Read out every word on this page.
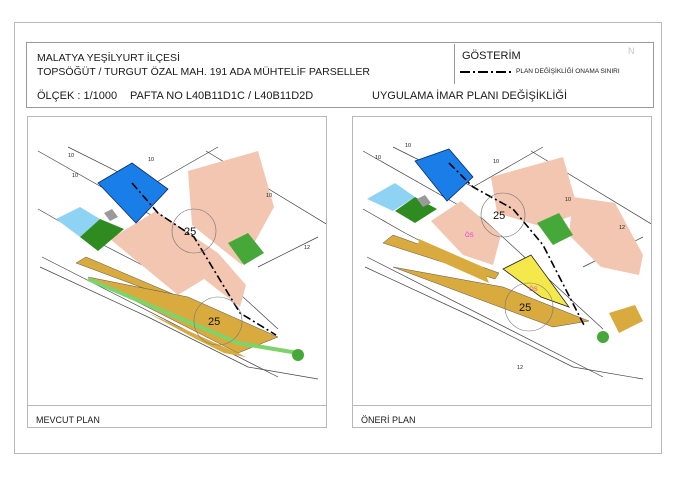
MALATYA YEŞİLYURT İLÇESİ
TOPSÖĞÜT / TURGUT ÖZAL MAH. 191 ADA MÜHTELİF PARSELLER
ÖLÇEK : 1/1000 PAFTA NO L40B11D1C / L40B11D2D	UYGULAMA İMAR PLANI DEĞİŞİKLİĞİ
GÖSTERİM
PLAN DEĞİŞİKLİĞİ ONAMA SINIRI
N
25
25
10
10
10
10
12
MEVCUT PLAN
25
25
10
10
10
10
12
12
ÖS
ÖS
ÖNERİ PLAN
